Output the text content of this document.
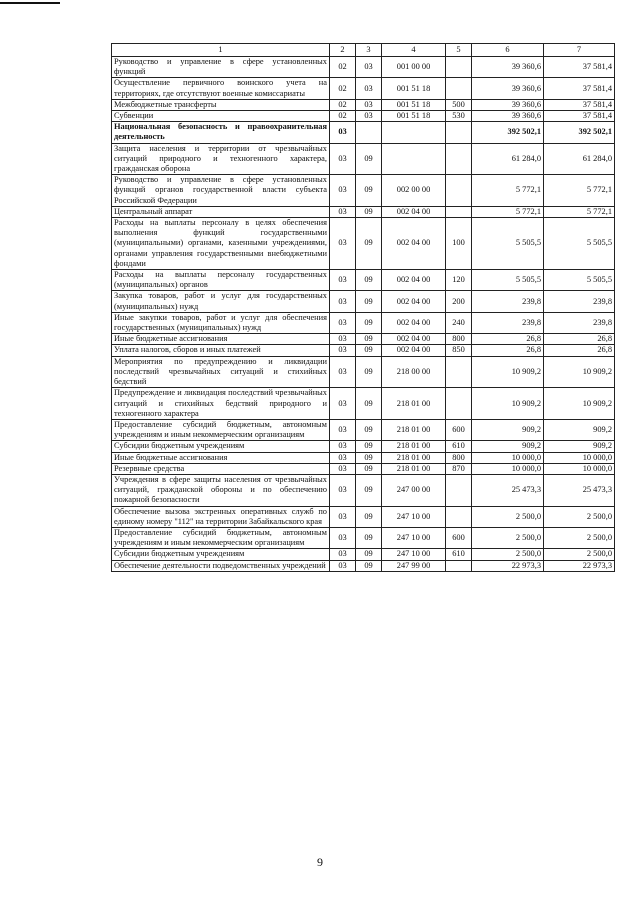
1	2	3	4	5	6	7
Руководство и управление в сфере установленных функций	02	03	001 00 00		39 360,6	37 581,4
Осуществление первичного воинского учета на территориях, где отсутствуют военные комиссариаты	02	03	001 51 18		39 360,6	37 581,4
Межбюджетные трансферты	02	03	001 51 18	500	39 360,6	37 581,4
Субвенции	02	03	001 51 18	530	39 360,6	37 581,4
Национальная безопасность и правоохранительная деятельность	03				392 502,1	392 502,1
Защита населения и территории от чрезвычайных ситуаций природного и техногенного характера, гражданская оборона	03	09			61 284,0	61 284,0
Руководство и управление в сфере установленных функций органов государственной власти субъекта Российской Федерации	03	09	002 00 00		5 772,1	5 772,1
Центральный аппарат	03	09	002 04 00		5 772,1	5 772,1
Расходы на выплаты персоналу в целях обеспечения выполнения функций государственными (муниципальными) органами, казенными учреждениями, органами управления государственными внебюджетными фондами	03	09	002 04 00	100	5 505,5	5 505,5
Расходы на выплаты персоналу государственных (муниципальных) органов	03	09	002 04 00	120	5 505,5	5 505,5
Закупка товаров, работ и услуг для государственных (муниципальных) нужд	03	09	002 04 00	200	239,8	239,8
Иные закупки товаров, работ и услуг для обеспечения государственных (муниципальных) нужд	03	09	002 04 00	240	239,8	239,8
Иные бюджетные ассигнования	03	09	002 04 00	800	26,8	26,8
Уплата налогов, сборов и иных платежей	03	09	002 04 00	850	26,8	26,8
Мероприятия по предупреждению и ликвидации последствий чрезвычайных ситуаций и стихийных бедствий	03	09	218 00 00		10 909,2	10 909,2
Предупреждение и ликвидация последствий чрезвычайных ситуаций и стихийных бедствий природного и техногенного характера	03	09	218 01 00		10 909,2	10 909,2
Предоставление субсидий бюджетным, автономным учреждениям и иным некоммерческим организациям	03	09	218 01 00	600	909,2	909,2
Субсидии бюджетным учреждениям	03	09	218 01 00	610	909,2	909,2
Иные бюджетные ассигнования	03	09	218 01 00	800	10 000,0	10 000,0
Резервные средства	03	09	218 01 00	870	10 000,0	10 000,0
Учреждения в сфере защиты населения от чрезвычайных ситуаций, гражданской обороны и по обеспечению пожарной безопасности	03	09	247 00 00		25 473,3	25 473,3
Обеспечение вызова экстренных оперативных служб по единому номеру "112" на территории Забайкальского края	03	09	247 10 00		2 500,0	2 500,0
Предоставление субсидий бюджетным, автономным учреждениям и иным некоммерческим организациям	03	09	247 10 00	600	2 500,0	2 500,0
Субсидии бюджетным учреждениям	03	09	247 10 00	610	2 500,0	2 500,0
Обеспечение деятельности подведомственных учреждений	03	09	247 99 00		22 973,3	22 973,3
9
